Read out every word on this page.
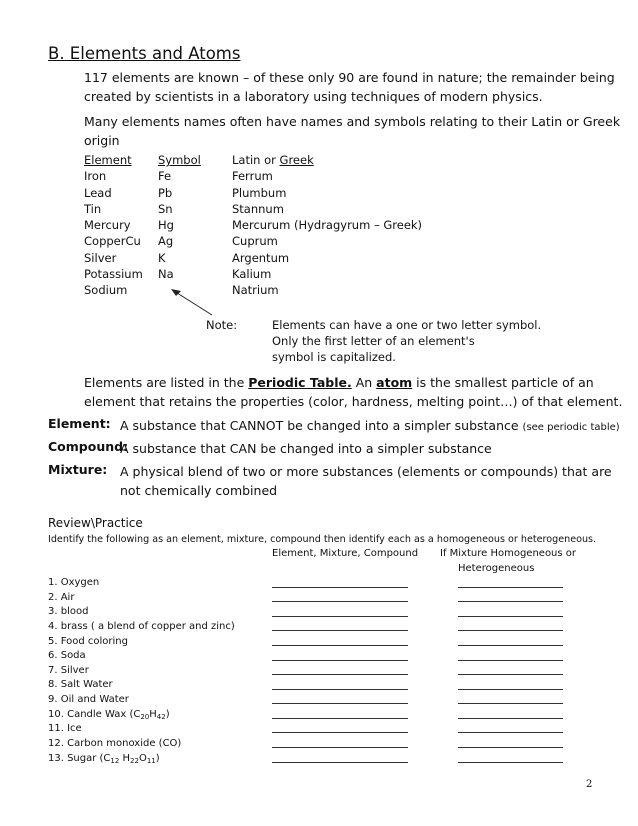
B. Elements and Atoms
117 elements are known – of these only 90 are found in nature; the remainder being
created by scientists in a laboratory using techniques of modern physics.
Many elements names often have names and symbols relating to their Latin or Greek
origin
Element
Iron
Lead
Tin
Mercury
CopperCu
Silver
Potassium
Sodium
Symbol
Fe
Pb
Sn
Hg
Ag
K
Na
Latin or Greek
Ferrum
Plumbum
Stannum
Mercurum (Hydragyrum – Greek)
Cuprum
Argentum
Kalium
Natrium
Note:	Elements can have a one or two letter symbol.
Only the first letter of an element's
symbol is capitalized.
Elements are listed in the Periodic Table. An atom is the smallest particle of an
element that retains the properties (color, hardness, melting point…) of that element.
Element: A substance that CANNOT be changed into a simpler substance (see periodic table)
Compound:
A substance that CAN be changed into a simpler substance
Mixture: A physical blend of two or more substances (elements or compounds) that are
not chemically combined
Review\Practice
Identify the following as an element, mixture, compound then identify each as a homogeneous or heterogeneous.
Element, Mixture, Compound If Mixture Homogeneous or
Heterogeneous
1. Oxygen
2. Air
3. blood
4. brass ( a blend of copper and zinc)
5. Food coloring
6. Soda
7. Silver
8. Salt Water
9. Oil and Water
10. Candle Wax $(C_{20}H_{42})$
11. Ice
12. Carbon monoxide (CO)
13. Sugar ($C_{12}$ $H_{22}O_{11}$)
2
